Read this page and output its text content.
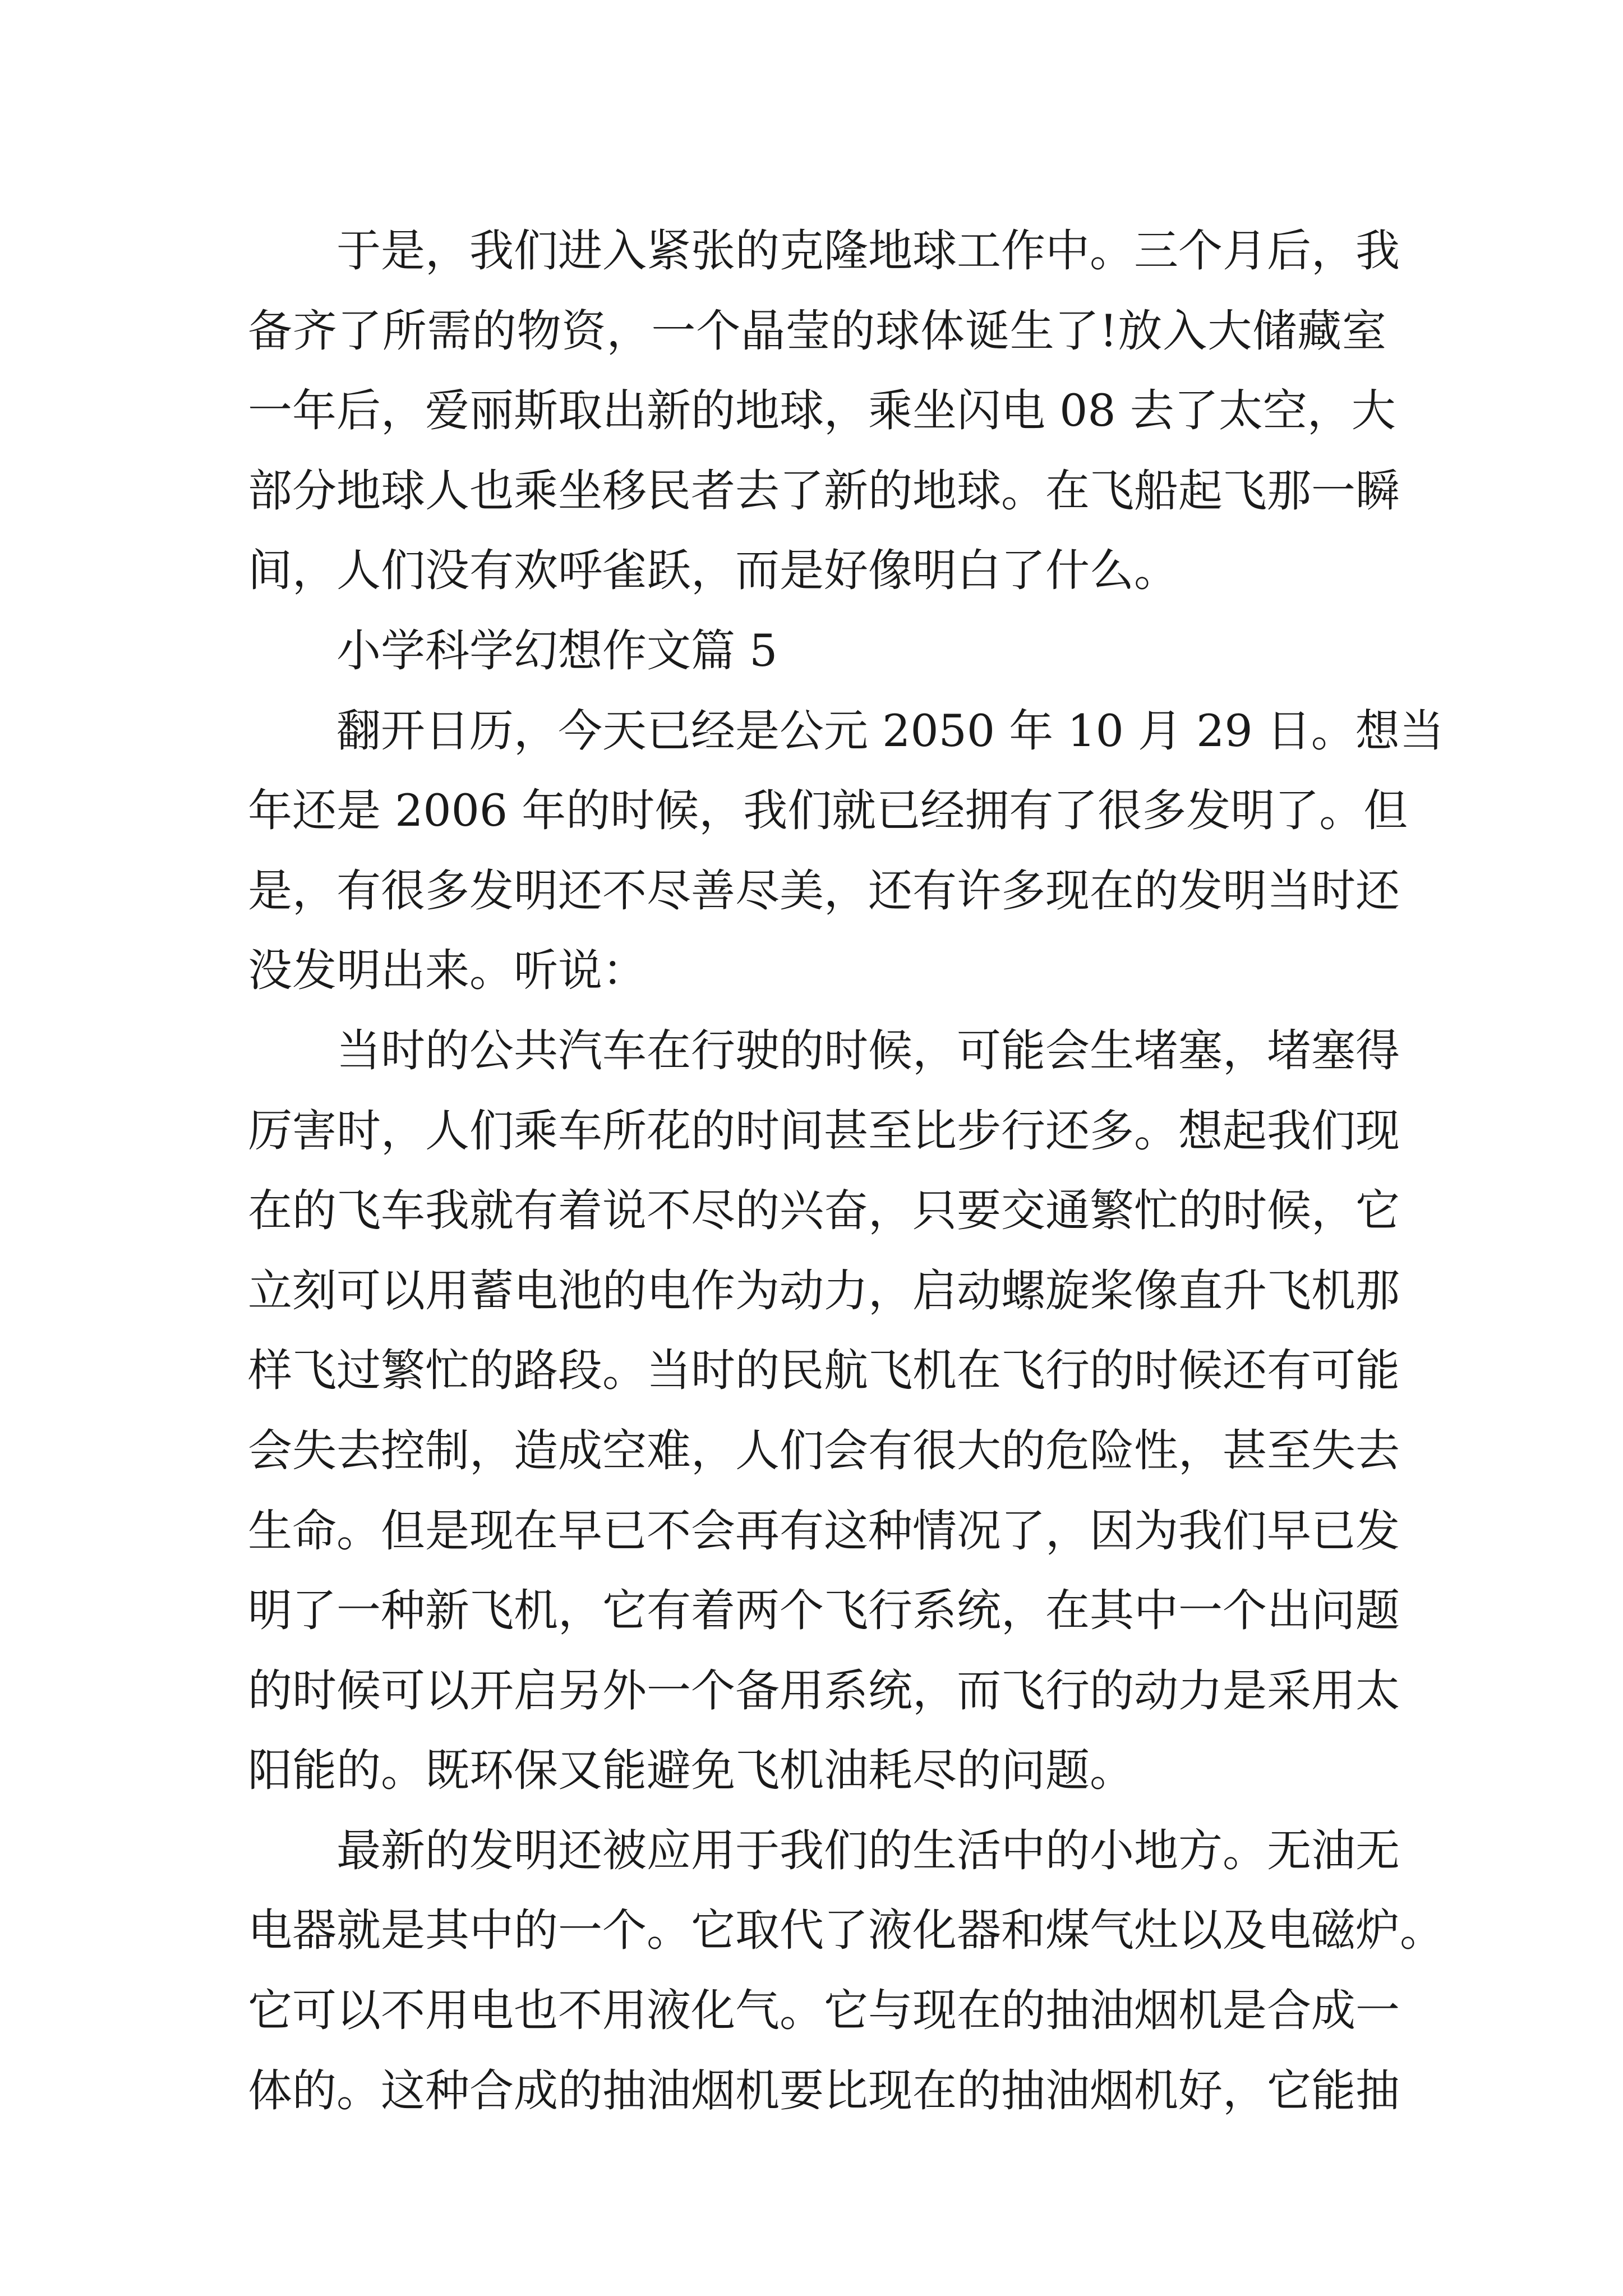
于是，我们进入紧张的克隆地球工作中。三个月后，我
备齐了所需的物资，一个晶莹的球体诞生了!放入大储藏室
一年后，爱丽斯取出新的地球，乘坐闪电 08 去了太空，大
部分地球人也乘坐移民者去了新的地球。在飞船起飞那一瞬
间，人们没有欢呼雀跃，而是好像明白了什么。
小学科学幻想作文篇 5
翻开日历，今天已经是公元 2050 年 10 月 29 日。想当
年还是 2006 年的时候，我们就已经拥有了很多发明了。但
是，有很多发明还不尽善尽美，还有许多现在的发明当时还
没发明出来。听说：
当时的公共汽车在行驶的时候，可能会生堵塞，堵塞得
厉害时，人们乘车所花的时间甚至比步行还多。想起我们现
在的飞车我就有着说不尽的兴奋，只要交通繁忙的时候，它
立刻可以用蓄电池的电作为动力，启动螺旋桨像直升飞机那
样飞过繁忙的路段。当时的民航飞机在飞行的时候还有可能
会失去控制，造成空难，人们会有很大的危险性，甚至失去
生命。但是现在早已不会再有这种情况了，因为我们早已发
明了一种新飞机，它有着两个飞行系统，在其中一个出问题
的时候可以开启另外一个备用系统，而飞行的动力是采用太
阳能的。既环保又能避免飞机油耗尽的问题。
最新的发明还被应用于我们的生活中的小地方。无油无
电器就是其中的一个。它取代了液化器和煤气灶以及电磁炉。
它可以不用电也不用液化气。它与现在的抽油烟机是合成一
体的。这种合成的抽油烟机要比现在的抽油烟机好，它能抽
